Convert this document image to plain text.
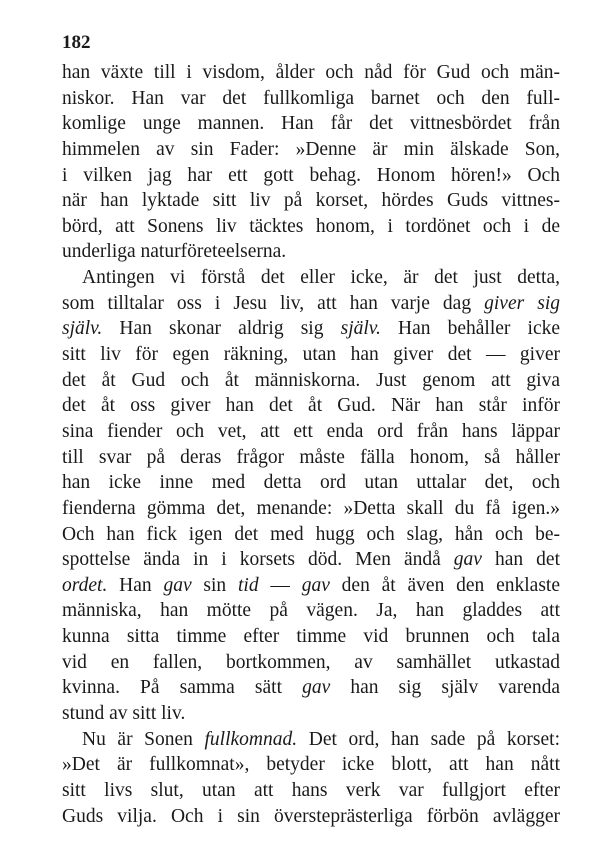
182
han växte till i visdom, ålder och nåd för Gud och män-
niskor. Han var det fullkomliga barnet och den full-
komlige unge mannen. Han får det vittnesbördet från
himmelen av sin Fader: »Denne är min älskade Son,
i vilken jag har ett gott behag. Honom hören!» Och
när han lyktade sitt liv på korset, hördes Guds vittnes-
börd, att Sonens liv täcktes honom, i tordönet och i de
underliga naturföreteelserna.
Antingen vi förstå det eller icke, är det just detta,
som tilltalar oss i Jesu liv, att han varje dag giver sig
själv. Han skonar aldrig sig själv. Han behåller icke
sitt liv för egen räkning, utan han giver det — giver
det åt Gud och åt människorna. Just genom att giva
det åt oss giver han det åt Gud. När han står inför
sina fiender och vet, att ett enda ord från hans läppar
till svar på deras frågor måste fälla honom, så håller
han icke inne med detta ord utan uttalar det, och
fienderna gömma det, menande: »Detta skall du få igen.»
Och han fick igen det med hugg och slag, hån och be-
spottelse ända in i korsets död. Men ändå gav han det
ordet. Han gav sin tid — gav den åt även den enklaste
människa, han mötte på vägen. Ja, han gladdes att
kunna sitta timme efter timme vid brunnen och tala
vid en fallen, bortkommen, av samhället utkastad
kvinna. På samma sätt gav han sig själv varenda
stund av sitt liv.
Nu är Sonen fullkomnad. Det ord, han sade på korset:
»Det är fullkomnat», betyder icke blott, att han nått
sitt livs slut, utan att hans verk var fullgjort efter
Guds vilja. Och i sin översteprästerliga förbön avlägger
